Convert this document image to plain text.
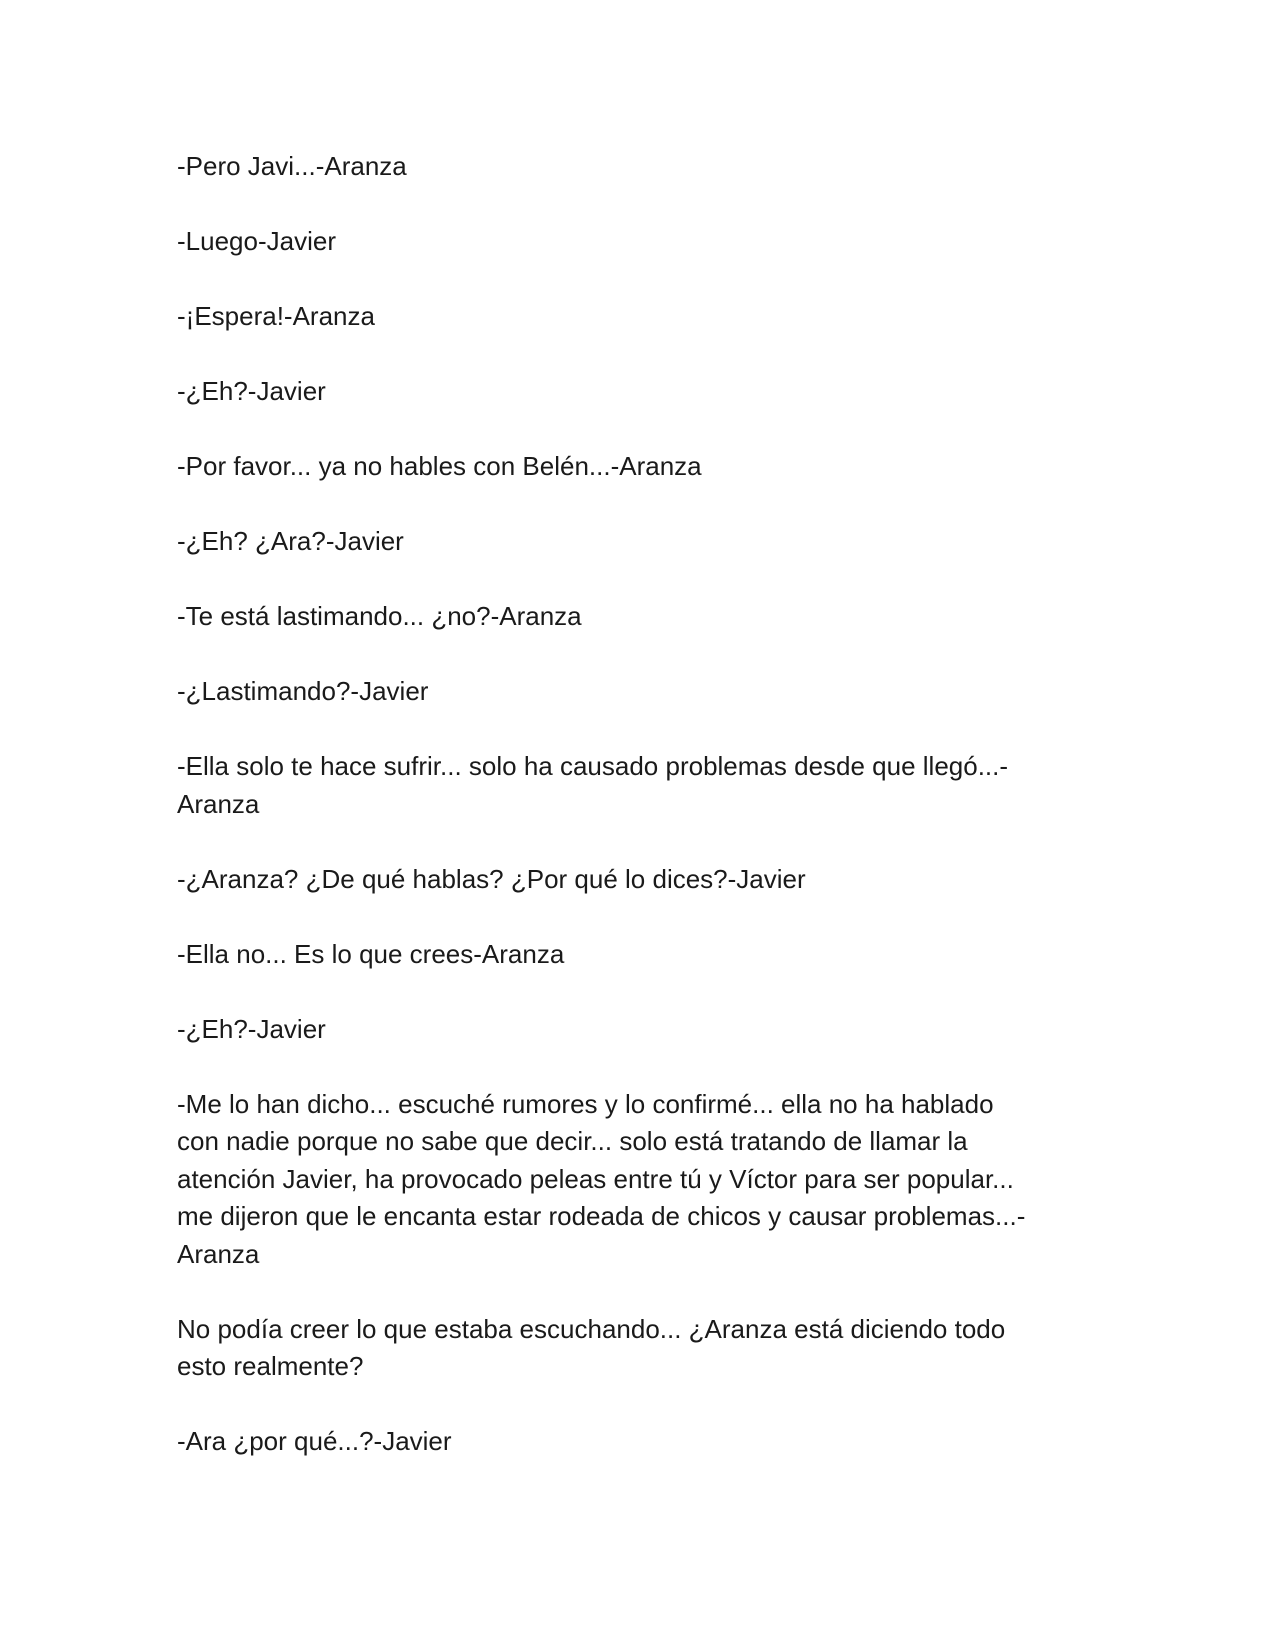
-Pero Javi...-Aranza

-Luego-Javier

-¡Espera!-Aranza

-¿Eh?-Javier

-Por favor... ya no hables con Belén...-Aranza

-¿Eh? ¿Ara?-Javier

-Te está lastimando... ¿no?-Aranza

-¿Lastimando?-Javier

-Ella solo te hace sufrir... solo ha causado problemas desde que llegó...-
Aranza

-¿Aranza? ¿De qué hablas? ¿Por qué lo dices?-Javier

-Ella no... Es lo que crees-Aranza

-¿Eh?-Javier

-Me lo han dicho... escuché rumores y lo confirmé... ella no ha hablado
con nadie porque no sabe que decir... solo está tratando de llamar la
atención Javier, ha provocado peleas entre tú y Víctor para ser popular...
me dijeron que le encanta estar rodeada de chicos y causar problemas...-
Aranza

No podía creer lo que estaba escuchando... ¿Aranza está diciendo todo
esto realmente?

-Ara ¿por qué...?-Javier
